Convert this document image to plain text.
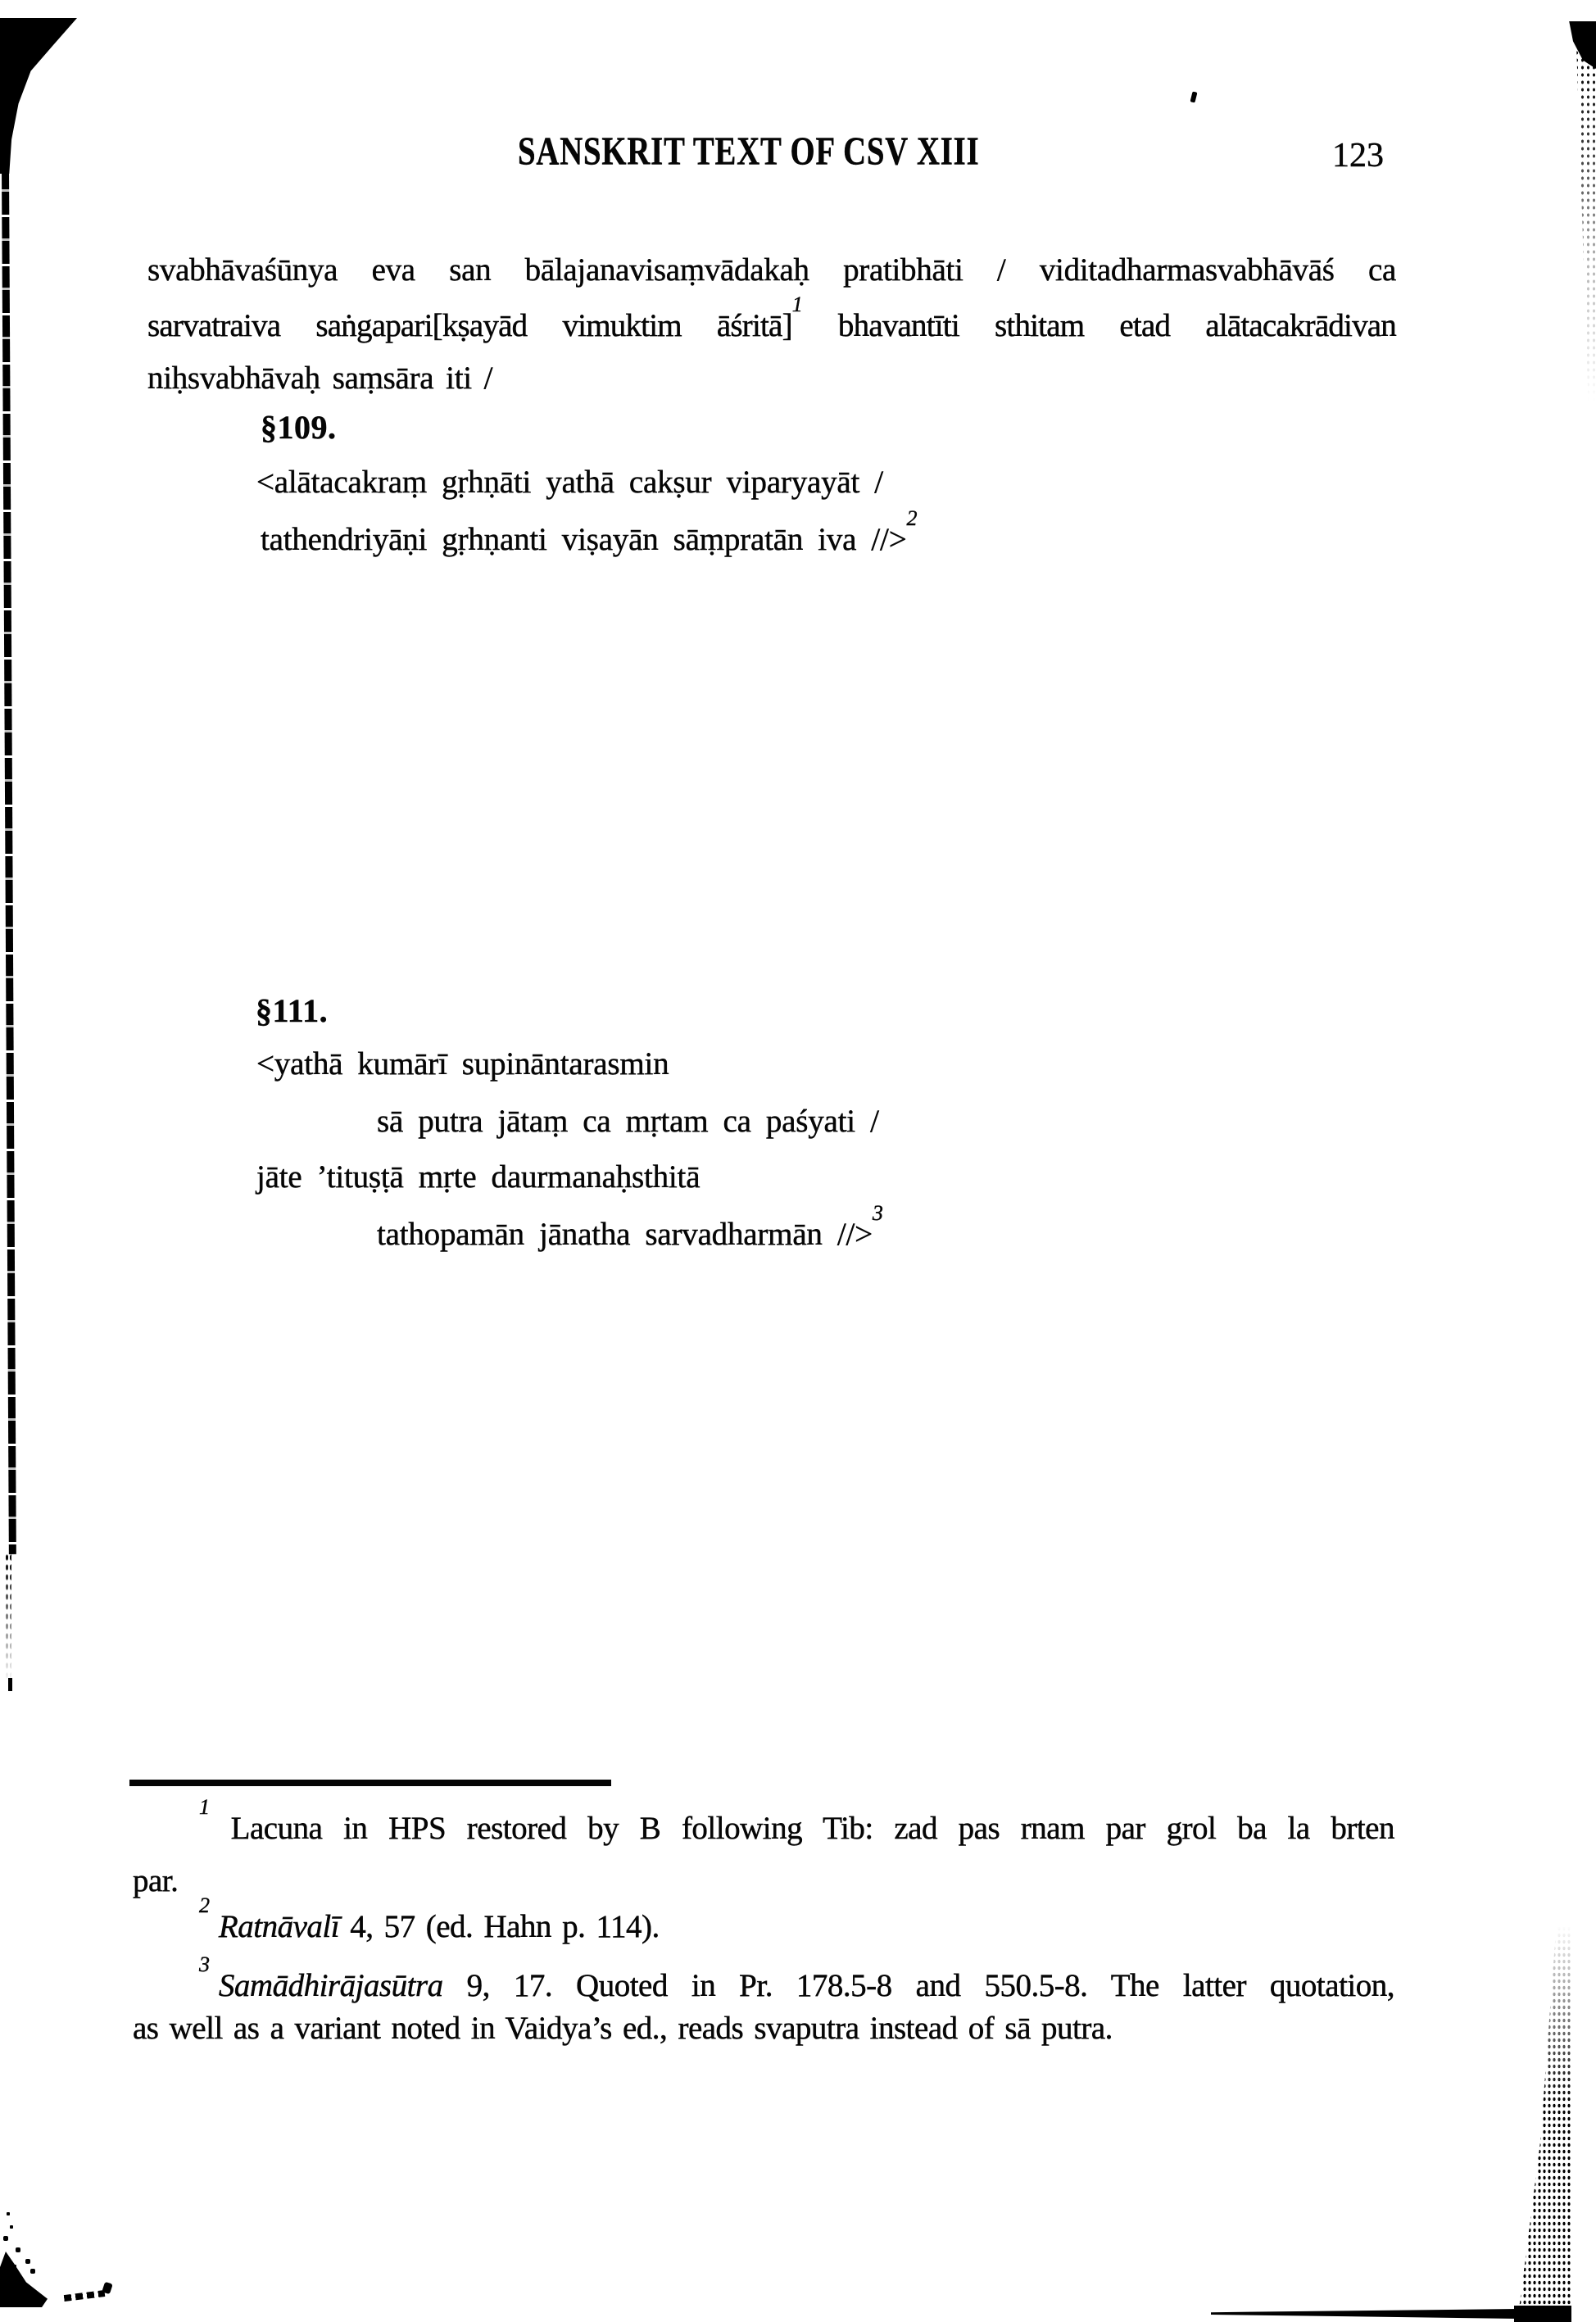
SANSKRIT TEXT OF CSV XIII	123
svabhāvaśūnya eva san bālajanavisaṃvādakaḥ pratibhāti / viditadharmasvabhāvāś ca
sarvatraiva saṅgapari[kṣayād vimuktim āśritā]$^1$ bhavantīti sthitam etad alātacakrādivan
niḥsvabhāvaḥ saṃsāra iti /
§109.
<alātacakraṃ gṛhṇāti yathā cakṣur viparyayāt /
tathendriyāṇi gṛhṇanti viṣayān sāṃpratān iva //>$^2$
§111.
<yathā kumārī supināntarasmin
sā putra jātaṃ ca mṛtam ca paśyati /
jāte ’tituṣṭā mṛte daurmanaḥsthitā
tathopamān jānatha sarvadharmān //>$^3$
$^1$ Lacuna in HPS restored by B following Tib: zad pas rnam par grol ba la brten
par.
$^2$Ratnāvalī 4, 57 (ed. Hahn p. 114).
$^3$Samādhirājasūtra 9, 17. Quoted in Pr. 178.5-8 and 550.5-8. The latter quotation,
as well as a variant noted in Vaidya’s ed., reads svaputra instead of sā putra.
